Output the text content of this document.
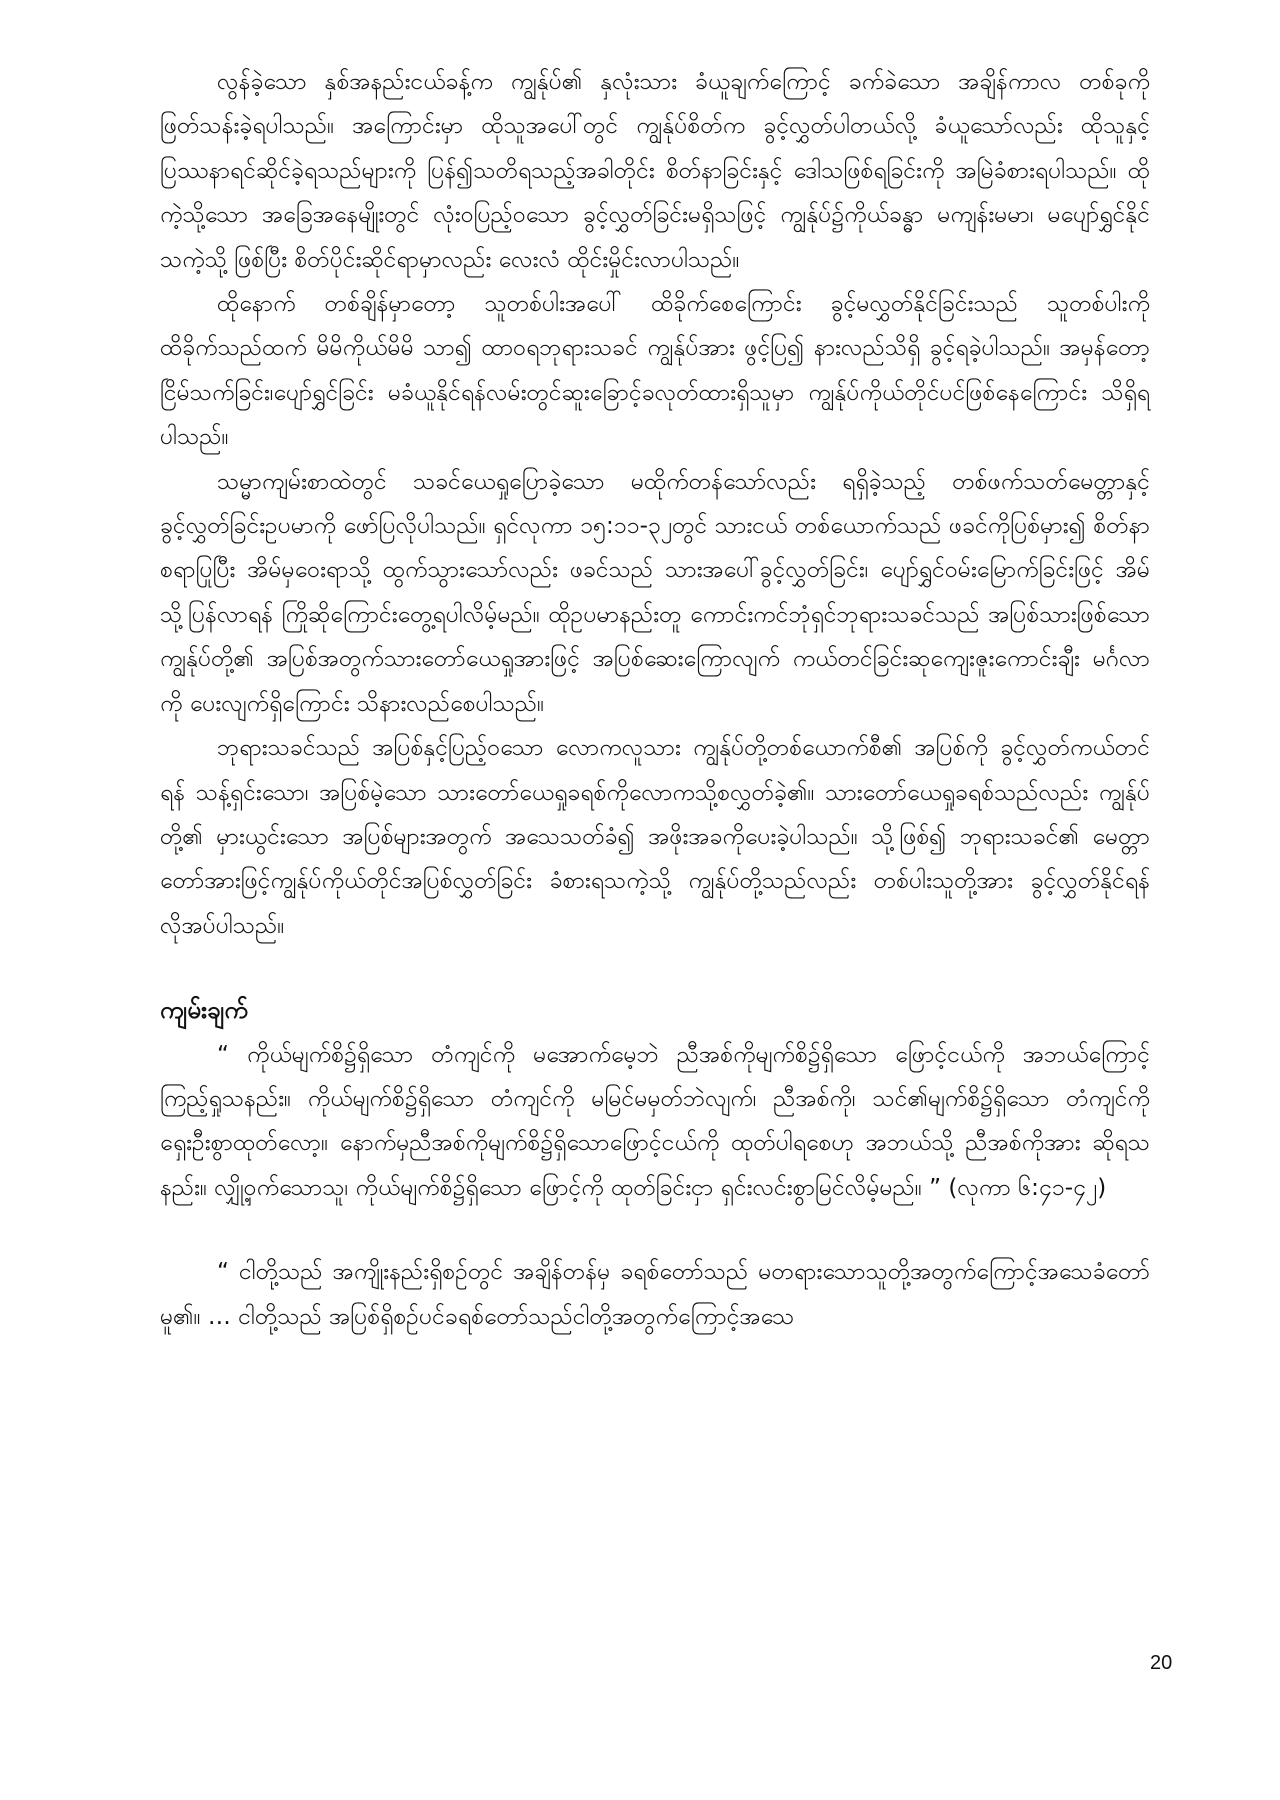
လွန်ခဲ့သော နှစ်အနည်းငယ်ခန့်က ကျွန်ုပ်၏ နှလုံးသား ခံယူချက်ကြောင့် ခက်ခဲသော အချိန်ကာလ တစ်ခုကို ဖြတ်သန်းခဲ့ရပါသည်။ အကြောင်းမှာ ထိုသူအပေါ်တွင် ကျွန်ုပ်စိတ်က ခွင့်လွှတ်ပါတယ်လို့ ခံယူသော်လည်း ထိုသူနှင့် ပြဿနာရင်ဆိုင်ခဲ့ရသည်များကို ပြန်၍သတိရသည့်အခါတိုင်း စိတ်နာခြင်းနှင့် ဒေါသဖြစ်ရခြင်းကို အမြဲခံစားရပါသည်။ ထိုကဲ့သို့သော အခြေအနေမျိုးတွင် လုံးဝပြည့်ဝသော ခွင့်လွှတ်ခြင်းမရှိသဖြင့် ကျွန်ုပ်၌ကိုယ်ခန္ဓာ မကျန်းမမာ၊ မပျော်ရွှင်နိုင်သကဲ့သို့ ဖြစ်ပြီး စိတ်ပိုင်းဆိုင်ရာမှာလည်း လေးလံ ထိုင်းမှိုင်းလာပါသည်။

ထိုနောက် တစ်ချိန်မှာတော့ သူတစ်ပါးအပေါ် ထိခိုက်စေကြောင်း ခွင့်မလွှတ်နိုင်ခြင်းသည် သူတစ်ပါးကို ထိခိုက်သည်ထက် မိမိကိုယ်မိမိ သာ၍ ထာဝရဘုရားသခင် ကျွန်ုပ်အား ဖွင့်ပြ၍ နားလည်သိရှိ ခွင့်ရခဲ့ပါသည်။ အမှန်တော့ ငြိမ်သက်ခြင်း၊ပျော်ရွှင်ခြင်း မခံယူနိုင်ရန်လမ်းတွင်ဆူးခြောင့်ခလုတ်ထားရှိသူမှာ ကျွန်ုပ်ကိုယ်တိုင်ပင်ဖြစ်နေကြောင်း သိရှိရပါသည်။

သမ္မာကျမ်းစာထဲတွင် သခင်ယေရှုပြောခဲ့သော မထိုက်တန်သော်လည်း ရရှိခဲ့သည့် တစ်ဖက်သတ်မေတ္တာနှင့် ခွင့်လွှတ်ခြင်းဥပမာကို ဖော်ပြလိုပါသည်။ ရှင်လုကာ ၁၅:၁၁-၃၂တွင် သားငယ် တစ်ယောက်သည် ဖခင်ကိုပြစ်မှား၍ စိတ်နာစရာပြုပြီး အိမ်မှဝေးရာသို့ ထွက်သွားသော်လည်း ဖခင်သည် သားအပေါ်ခွင့်လွှတ်ခြင်း၊ ပျော်ရွှင်ဝမ်းမြောက်ခြင်းဖြင့် အိမ်သို့ပြန်လာရန် ကြိုဆိုကြောင်းတွေ့ရပါလိမ့်မည်။ ထိုဥပမာနည်းတူ ကောင်းကင်ဘုံရှင်ဘုရားသခင်သည် အပြစ်သားဖြစ်သော ကျွန်ုပ်တို့၏ အပြစ်အတွက်သားတော်ယေရှုအားဖြင့် အပြစ်ဆေးကြောလျက် ကယ်တင်ခြင်းဆုကျေးဇူးကောင်းချီး မင်္ဂလာကို ပေးလျက်ရှိကြောင်း သိနားလည်စေပါသည်။

ဘုရားသခင်သည် အပြစ်နှင့်ပြည့်ဝသော လောကလူသား ကျွန်ုပ်တို့တစ်ယောက်စီ၏ အပြစ်ကို ခွင့်လွှတ်ကယ်တင်ရန် သန့်ရှင်းသော၊ အပြစ်မဲ့သော သားတော်ယေရှုခရစ်ကိုလောကသို့စလွှတ်ခဲ့၏။ သားတော်ယေရှုခရစ်သည်လည်း ကျွန်ုပ်တို့၏ မှားယွင်းသော အပြစ်များအတွက် အသေသတ်ခံ၍ အဖိုးအခကိုပေးခဲ့ပါသည်။ သို့ဖြစ်၍ ဘုရားသခင်၏ မေတ္တာတော်အားဖြင့်ကျွန်ုပ်ကိုယ်တိုင်အပြစ်လွှတ်ခြင်း ခံစားရသကဲ့သို့ ကျွန်ုပ်တို့သည်လည်း တစ်ပါးသူတို့အား ခွင့်လွှတ်နိုင်ရန် လိုအပ်ပါသည်။

ကျမ်းချက်

“ ကိုယ်မျက်စိ၌ရှိသော တံကျင်ကို မအောက်မေ့ဘဲ ညီအစ်ကိုမျက်စိ၌ရှိသော ဖြောင့်ငယ်ကို အဘယ်ကြောင့် ကြည့်ရှုသနည်း။ ကိုယ်မျက်စိ၌ရှိသော တံကျင်ကို မမြင်မမှတ်ဘဲလျက်၊ ညီအစ်ကို၊ သင်၏မျက်စိ၌ရှိသော တံကျင်ကိုရှေးဦးစွာထုတ်လော့။ နောက်မှညီအစ်ကိုမျက်စိ၌ရှိသောဖြောင့်ငယ်ကို ထုတ်ပါရစေဟု အဘယ်သို့ ညီအစ်ကိုအား ဆိုရသနည်း။ လျှို့ဝှက်သောသူ၊ ကိုယ်မျက်စိ၌ရှိသော ဖြောင့်ကို ထုတ်ခြင်းငှာ ရှင်းလင်းစွာမြင်လိမ့်မည်။ ” (လုကာ ၆:၄၁-၄၂)

“ ငါတို့သည် အကျိုးနည်းရှိစဉ်တွင် အချိန်တန်မှ ခရစ်တော်သည် မတရားသောသူတို့အတွက်ကြောင့်အသေခံတော်မူ၏။ … ငါတို့သည် အပြစ်ရှိစဉ်ပင်ခရစ်တော်သည်ငါတို့အတွက်ကြောင့်အသေ

20
